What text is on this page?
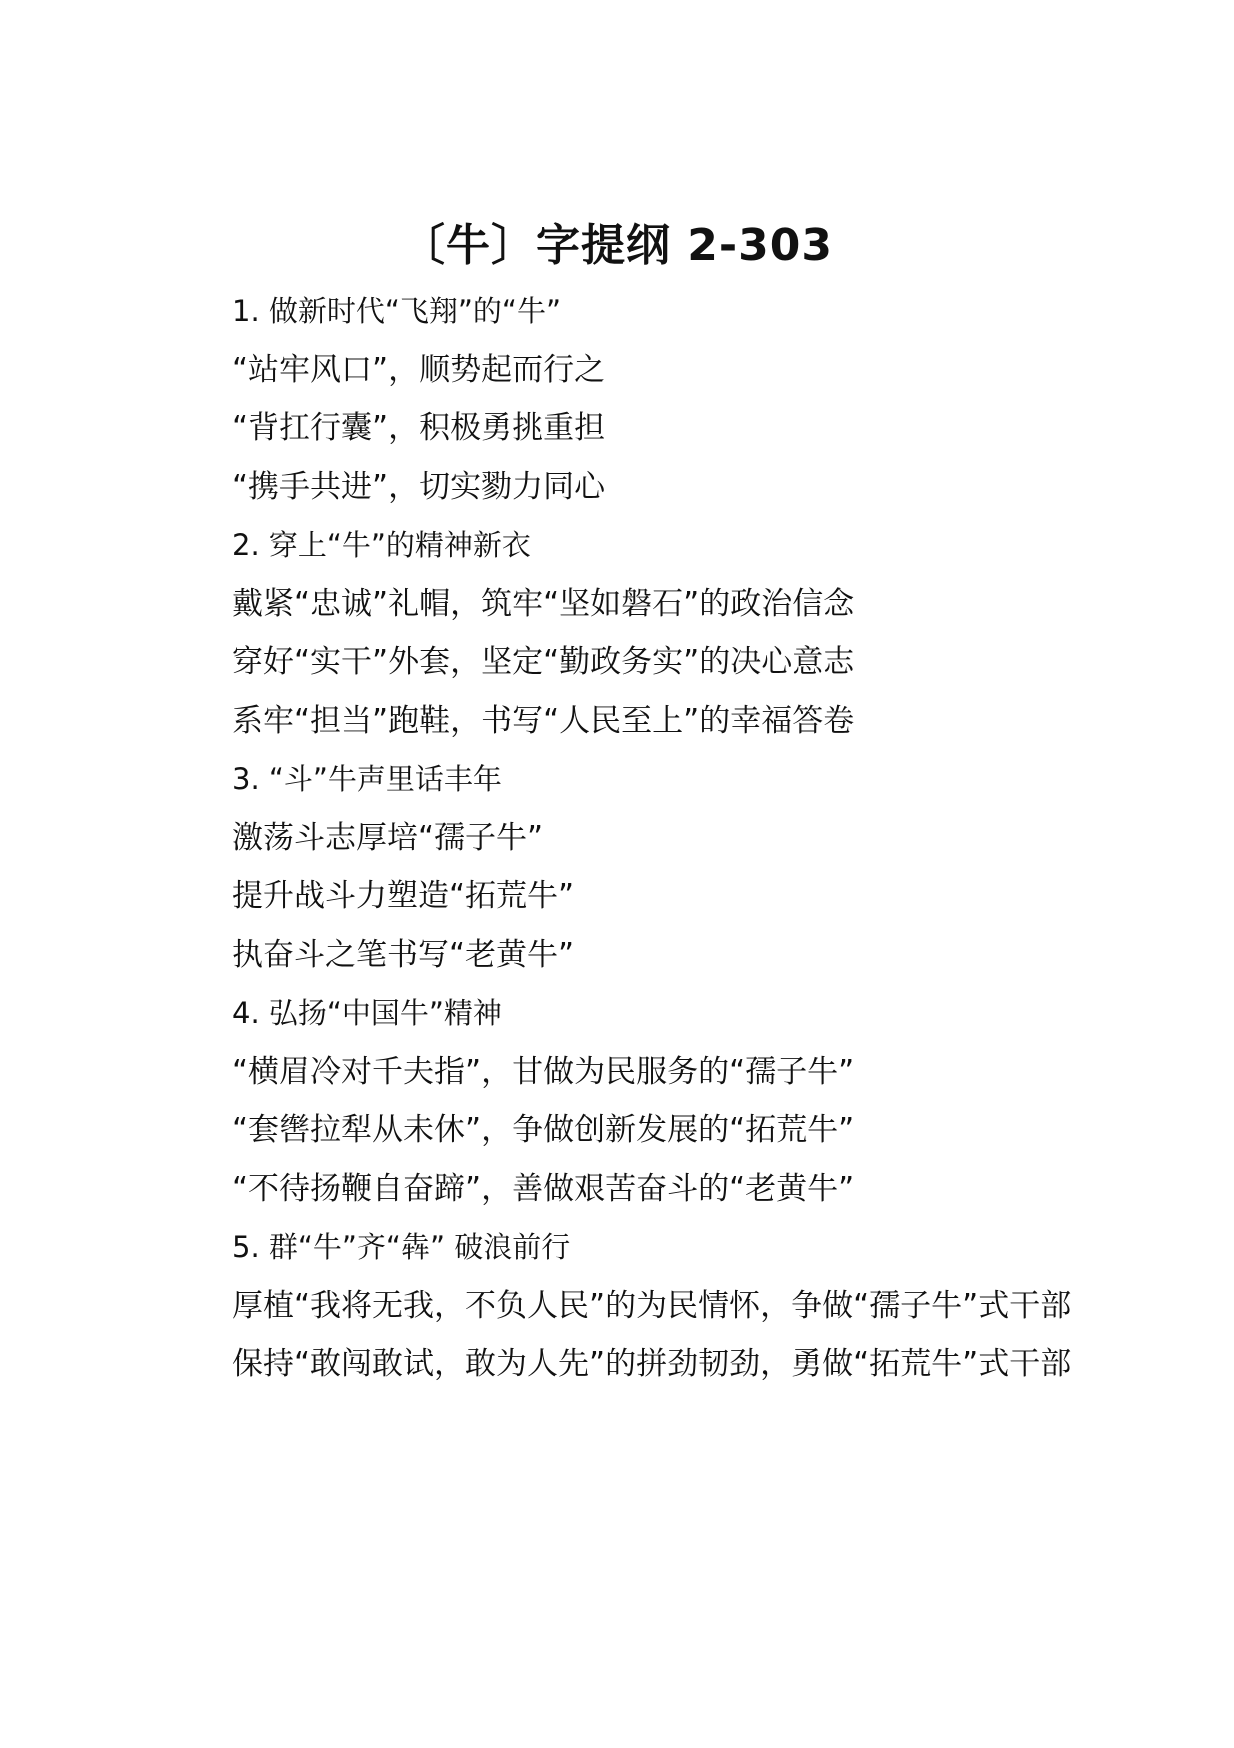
〔牛〕字提纲 2-303
1. 做新时代“飞翔”的“牛”
“站牢风口”，顺势起而行之
“背扛行囊”，积极勇挑重担
“携手共进”，切实勠力同心
2. 穿上“牛”的精神新衣
戴紧“忠诚”礼帽，筑牢“坚如磐石”的政治信念
穿好“实干”外套，坚定“勤政务实”的决心意志
系牢“担当”跑鞋，书写“人民至上”的幸福答卷
3. “斗”牛声里话丰年
激荡斗志厚培“孺子牛”
提升战斗力塑造“拓荒牛”
执奋斗之笔书写“老黄牛”
4. 弘扬“中国牛”精神
“横眉冷对千夫指”，甘做为民服务的“孺子牛”
“套辔拉犁从未休”，争做创新发展的“拓荒牛”
“不待扬鞭自奋蹄”，善做艰苦奋斗的“老黄牛”
5. 群“牛”齐“犇” 破浪前行
厚植“我将无我，不负人民”的为民情怀，争做“孺子牛”式干部
保持“敢闯敢试，敢为人先”的拼劲韧劲，勇做“拓荒牛”式干部
